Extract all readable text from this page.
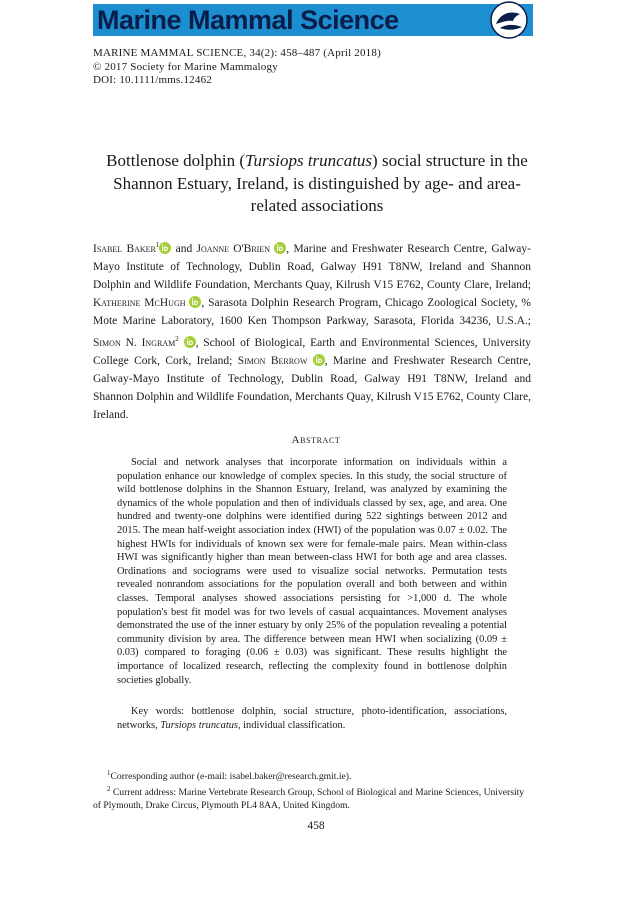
Marine Mammal Science
MARINE MAMMAL SCIENCE, 34(2): 458–487 (April 2018)
© 2017 Society for Marine Mammalogy
DOI: 10.1111/mms.12462
Bottlenose dolphin (Tursiops truncatus) social structure in the Shannon Estuary, Ireland, is distinguished by age- and area-related associations
Isabel Baker$^1$ and Joanne O'Brien , Marine and Freshwater Research Centre, Galway-Mayo Institute of Technology, Dublin Road, Galway H91 T8NW, Ireland and Shannon Dolphin and Wildlife Foundation, Merchants Quay, Kilrush V15 E762, County Clare, Ireland; Katherine McHugh , Sarasota Dolphin Research Program, Chicago Zoological Society, % Mote Marine Laboratory, 1600 Ken Thompson Parkway, Sarasota, Florida 34236, U.S.A.; Simon N. Ingram$^2$ , School of Biological, Earth and Environmental Sciences, University College Cork, Cork, Ireland; Simon Berrow , Marine and Freshwater Research Centre, Galway-Mayo Institute of Technology, Dublin Road, Galway H91 T8NW, Ireland and Shannon Dolphin and Wildlife Foundation, Merchants Quay, Kilrush V15 E762, County Clare, Ireland.
Abstract
Social and network analyses that incorporate information on individuals within a population enhance our knowledge of complex species. In this study, the social structure of wild bottlenose dolphins in the Shannon Estuary, Ireland, was analyzed by examining the dynamics of the whole population and then of individuals classed by sex, age, and area. One hundred and twenty-one dolphins were identified during 522 sightings between 2012 and 2015. The mean half-weight association index (HWI) of the population was 0.07 ± 0.02. The highest HWIs for individuals of known sex were for female-male pairs. Mean within-class HWI was significantly higher than mean between-class HWI for both age and area classes. Ordinations and sociograms were used to visualize social networks. Permutation tests revealed nonrandom associations for the population overall and both between and within classes. Temporal analyses showed associations persisting for >1,000 d. The whole population's best fit model was for two levels of casual acquaintances. Movement analyses demonstrated the use of the inner estuary by only 25% of the population revealing a potential community division by area. The difference between mean HWI when socializing (0.09 ± 0.03) compared to foraging (0.06 ± 0.03) was significant. These results highlight the importance of localized research, reflecting the complexity found in bottlenose dolphin societies globally.
Key words: bottlenose dolphin, social structure, photo-identification, associations, networks, Tursiops truncatus, individual classification.

$^1$Corresponding author (e-mail: isabel.baker@research.gmit.ie).

$^2$ Current address: Marine Vertebrate Research Group, School of Biological and Marine Sciences, University of Plymouth, Drake Circus, Plymouth PL4 8AA, United Kingdom.

458
